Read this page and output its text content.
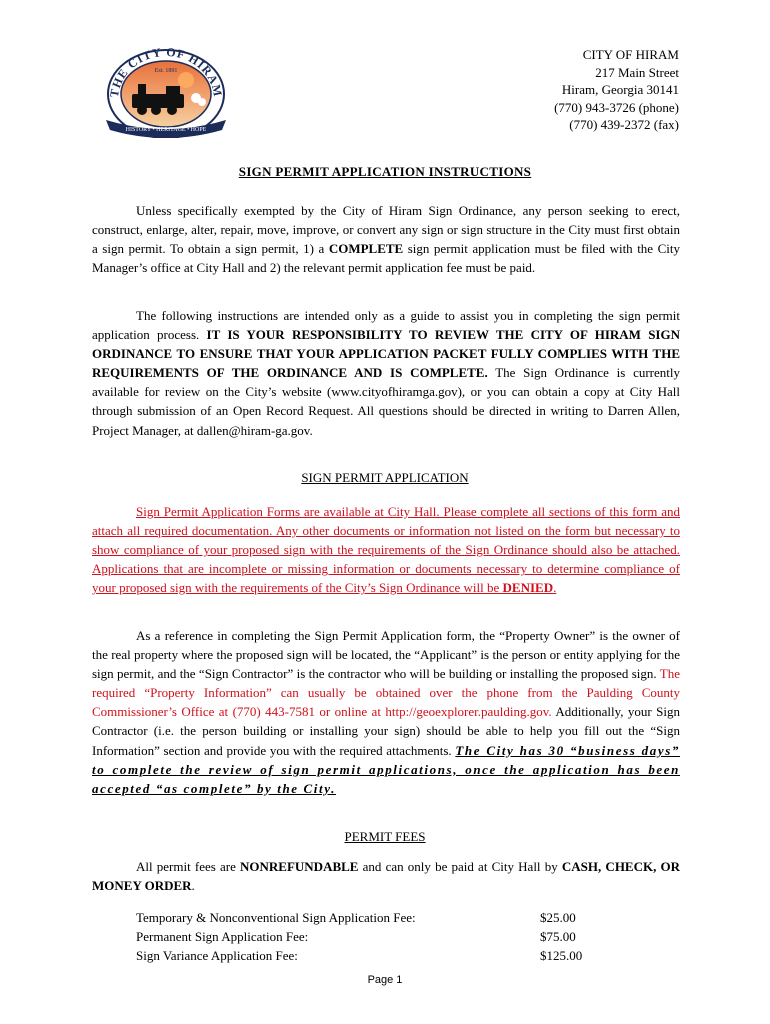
THE CITY OF HIRAM
Est. 1891
HISTORY • HERITAGE • HOPE
CITY OF HIRAM
217 Main Street
Hiram, Georgia 30141
(770) 943-3726 (phone)
(770) 439-2372 (fax)
SIGN PERMIT APPLICATION INSTRUCTIONS

Unless specifically exempted by the City of Hiram Sign Ordinance, any person seeking to erect, construct, enlarge, alter, repair, move, improve, or convert any sign or sign structure in the City must first obtain a sign permit. To obtain a sign permit, 1) a COMPLETE sign permit application must be filed with the City Manager’s office at City Hall and 2) the relevant permit application fee must be paid.

The following instructions are intended only as a guide to assist you in completing the sign permit application process. IT IS YOUR RESPONSIBILITY TO REVIEW THE CITY OF HIRAM SIGN ORDINANCE TO ENSURE THAT YOUR APPLICATION PACKET FULLY COMPLIES WITH THE REQUIREMENTS OF THE ORDINANCE AND IS COMPLETE. The Sign Ordinance is currently available for review on the City’s website (www.cityofhiramga.gov), or you can obtain a copy at City Hall through submission of an Open Record Request. All questions should be directed in writing to Darren Allen, Project Manager, at dallen@hiram-ga.gov.

SIGN PERMIT APPLICATION

Sign Permit Application Forms are available at City Hall. Please complete all sections of this form and attach all required documentation. Any other documents or information not listed on the form but necessary to show compliance of your proposed sign with the requirements of the Sign Ordinance should also be attached. Applications that are incomplete or missing information or documents necessary to determine compliance of your proposed sign with the requirements of the City’s Sign Ordinance will be DENIED.

As a reference in completing the Sign Permit Application form, the “Property Owner” is the owner of the real property where the proposed sign will be located, the “Applicant” is the person or entity applying for the sign permit, and the “Sign Contractor” is the contractor who will be building or installing the proposed sign. The required “Property Information” can usually be obtained over the phone from the Paulding County Commissioner’s Office at (770) 443-7581 or online at http://geoexplorer.paulding.gov. Additionally, your Sign Contractor (i.e. the person building or installing your sign) should be able to help you fill out the “Sign Information” section and provide you with the required attachments. The City has 30 “business days” to complete the review of sign permit applications, once the application has been accepted “as complete” by the City.

PERMIT FEES

All permit fees are NONREFUNDABLE and can only be paid at City Hall by CASH, CHECK, OR MONEY ORDER.

Temporary & Nonconventional Sign Application Fee:	$25.00
Permanent Sign Application Fee:	$75.00
Sign Variance Application Fee:	$125.00
Page 1
